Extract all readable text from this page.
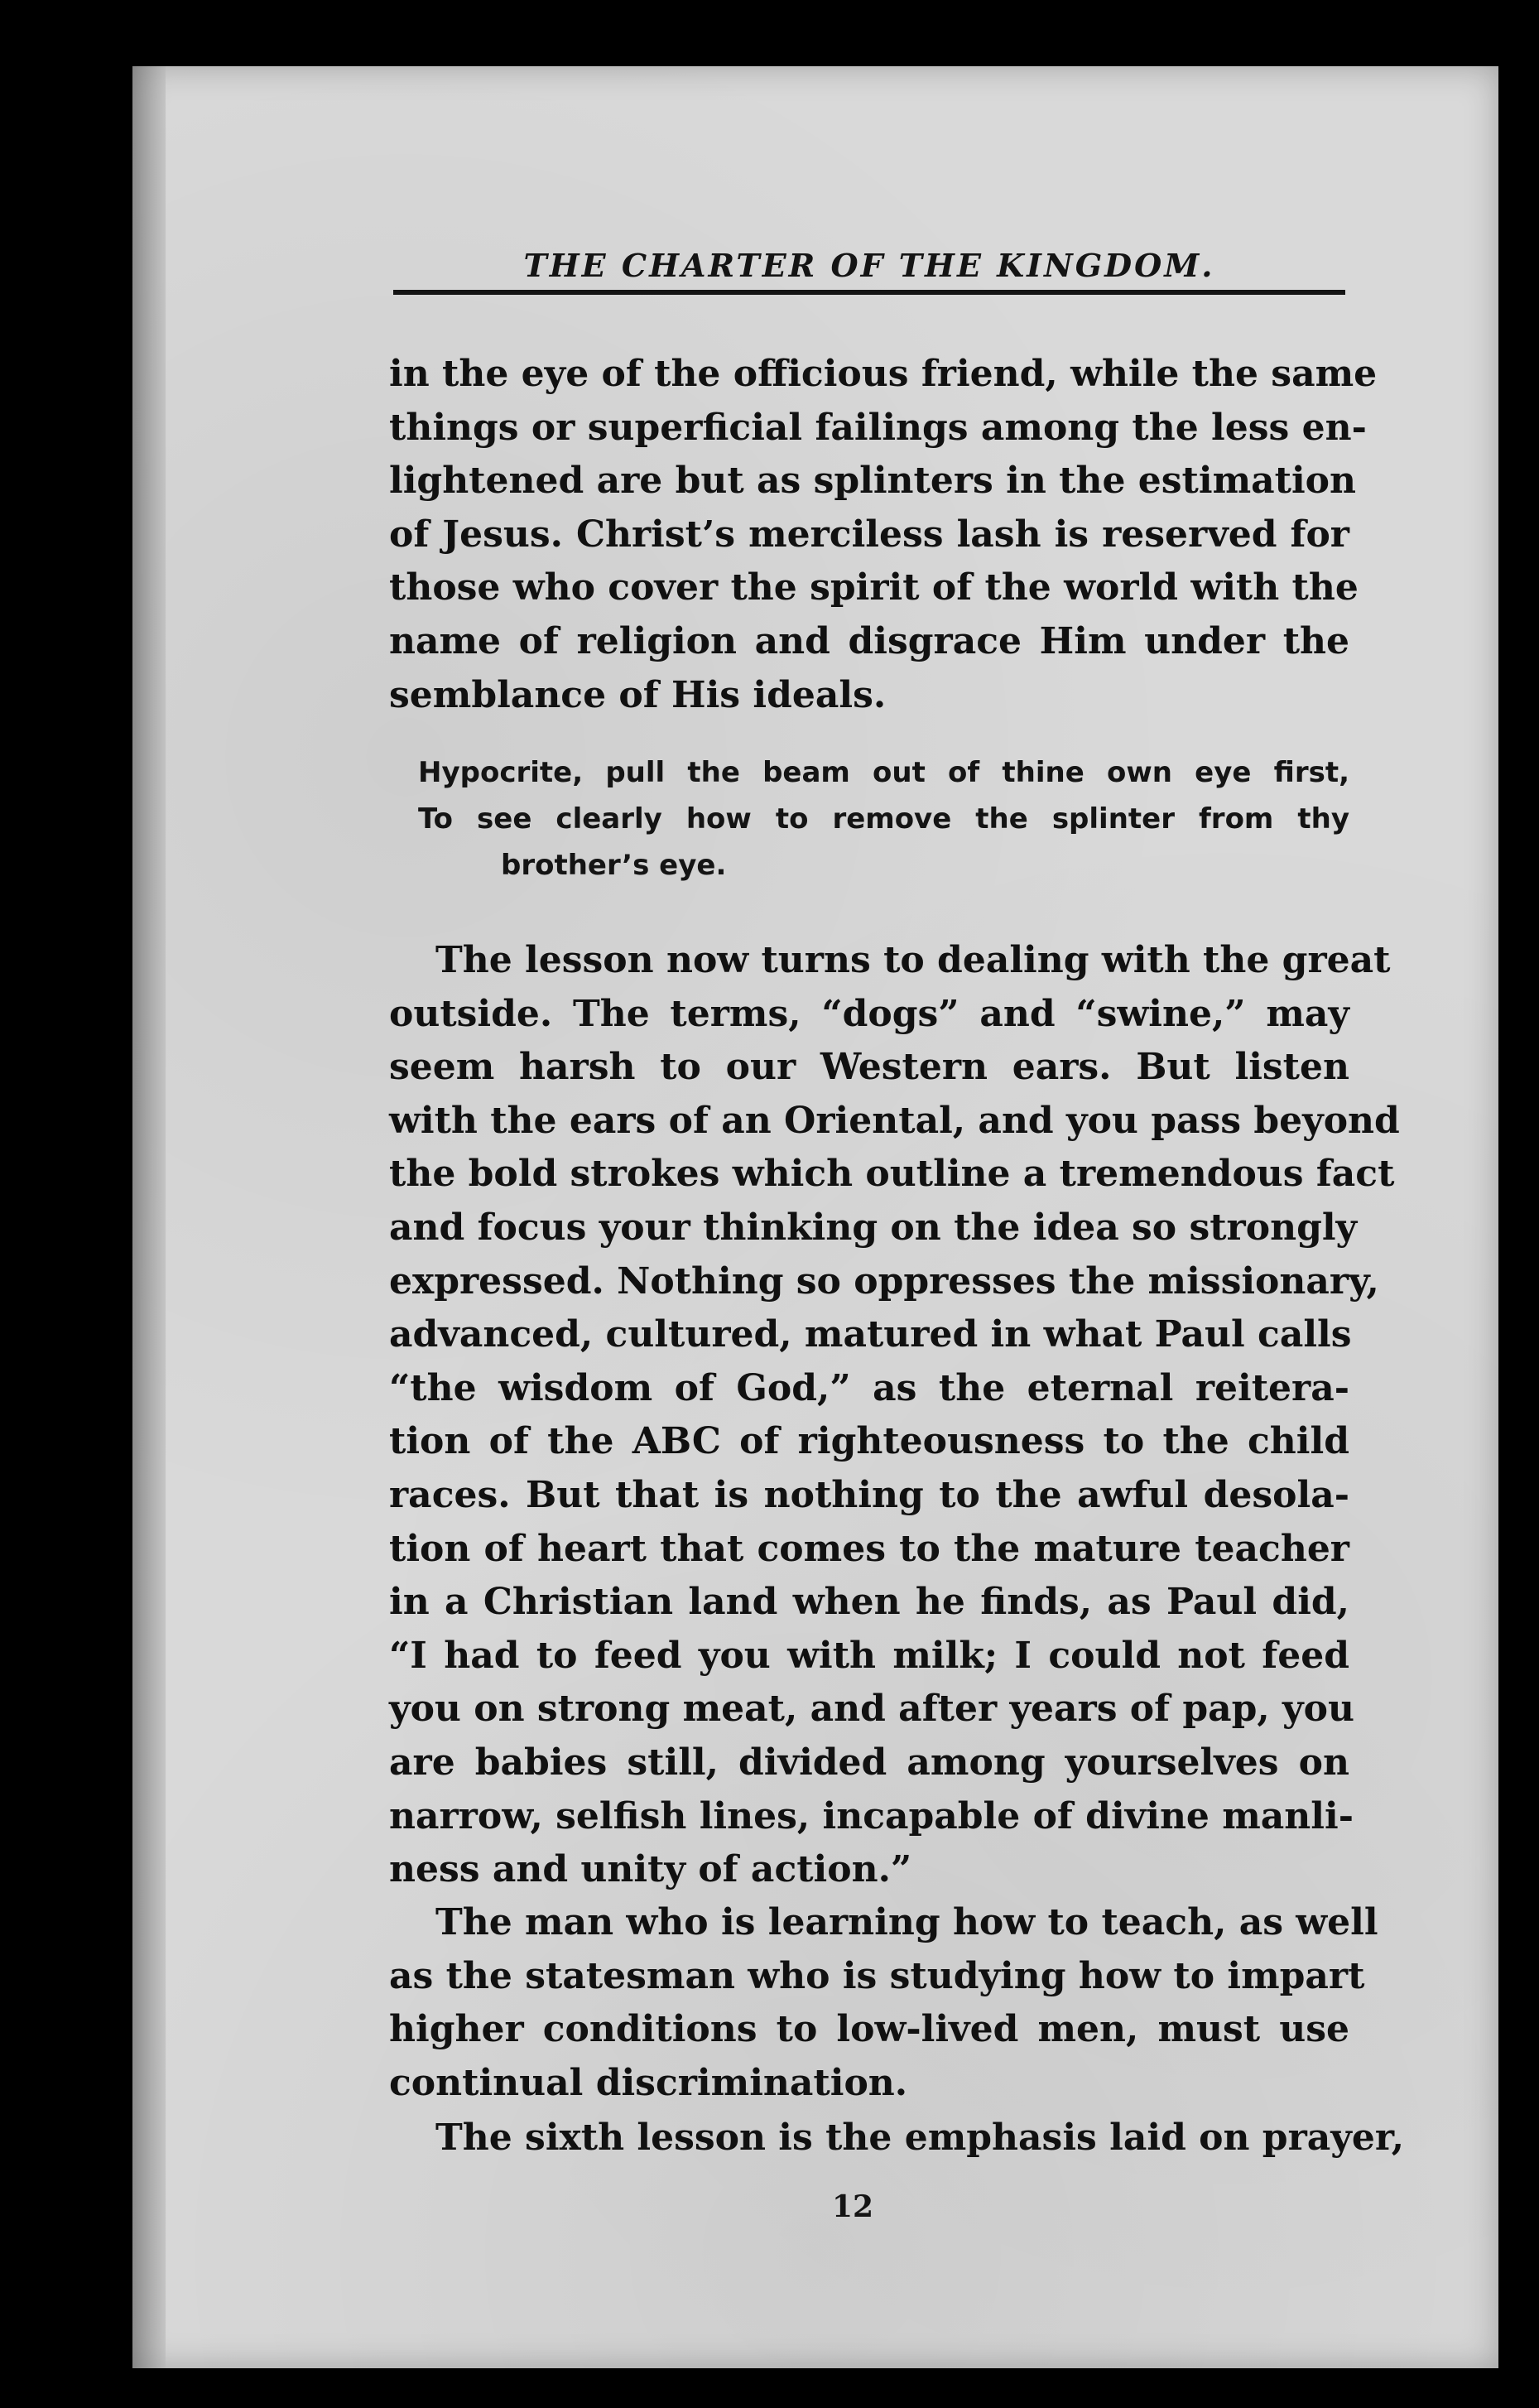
THE CHARTER OF THE KINGDOM.
in the eye of the officious friend, while the same
things or superficial failings among the less en-
lightened are but as splinters in the estimation
of Jesus. Christ’s merciless lash is reserved for
those who cover the spirit of the world with the
name of religion and disgrace Him under the
semblance of His ideals.
Hypocrite, pull the beam out of thine own eye first,
To see clearly how to remove the splinter from thy
brother’s eye.
The lesson now turns to dealing with the great
outside. The terms, “dogs” and “swine,” may
seem harsh to our Western ears. But listen
with the ears of an Oriental, and you pass beyond
the bold strokes which outline a tremendous fact
and focus your thinking on the idea so strongly
expressed. Nothing so oppresses the missionary,
advanced, cultured, matured in what Paul calls
“the wisdom of God,” as the eternal reitera-
tion of the ABC of righteousness to the child
races. But that is nothing to the awful desola-
tion of heart that comes to the mature teacher
in a Christian land when he finds, as Paul did,
“I had to feed you with milk; I could not feed
you on strong meat, and after years of pap, you
are babies still, divided among yourselves on
narrow, selfish lines, incapable of divine manli-
ness and unity of action.”
The man who is learning how to teach, as well
as the statesman who is studying how to impart
higher conditions to low-lived men, must use
continual discrimination.
The sixth lesson is the emphasis laid on prayer,
12
